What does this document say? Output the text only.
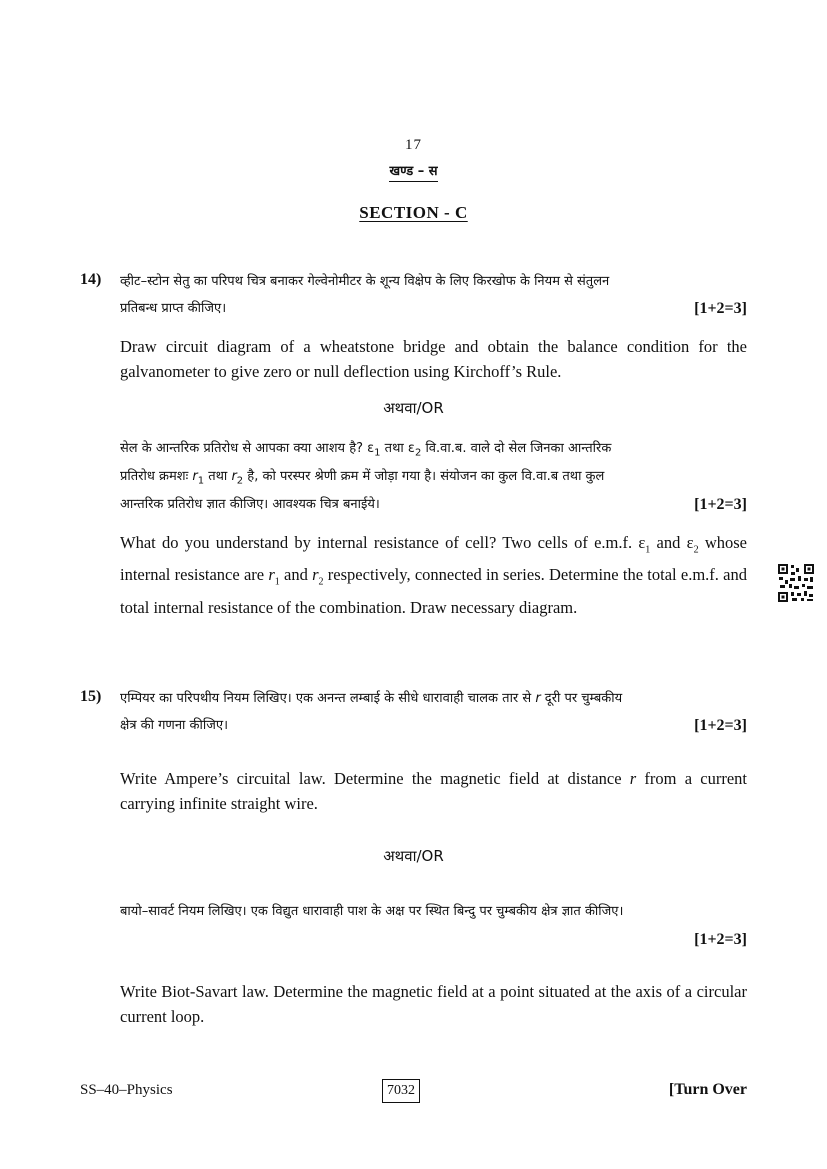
17
खण्ड – स
SECTION - C
14) व्हीट–स्टोन सेतु का परिपथ चित्र बनाकर गेल्वेनोमीटर के शून्य विक्षेप के लिए किरखोफ के नियम से संतुलन
प्रतिबन्ध प्राप्त कीजिए।	[1+2=3]
Draw circuit diagram of a wheatstone bridge and obtain the balance condition for the galvanometer to give zero or null deflection using Kirchoff’s Rule.
अथवा/OR
सेल के आन्तरिक प्रतिरोध से आपका क्या आशय है? $\varepsilon_1$ तथा $\varepsilon_2$ वि.वा.ब. वाले दो सेल जिनका आन्तरिक
प्रतिरोध क्रमशः $r_1$ तथा $r_2$ है, को परस्पर श्रेणी क्रम में जोड़ा गया है। संयोजन का कुल वि.वा.ब तथा कुल
आन्तरिक प्रतिरोध ज्ञात कीजिए। आवश्यक चित्र बनाईये।	[1+2=3]
What do you understand by internal resistance of cell? Two cells of e.m.f. $\varepsilon_1$ and $\varepsilon_2$ whose internal resistance are $r_1$ and $r_2$ respectively, connected in series. Determine the total e.m.f. and total internal resistance of the combination. Draw necessary diagram.
15) एम्पियर का परिपथीय नियम लिखिए। एक अनन्त लम्बाई के सीधे धारावाही चालक तार से r दूरी पर चुम्बकीय
क्षेत्र की गणना कीजिए।	[1+2=3]
Write Ampere’s circuital law. Determine the magnetic field at distance r from a current carrying infinite straight wire.
अथवा/OR
बायो–सावर्ट नियम लिखिए। एक विद्युत धारावाही पाश के अक्ष पर स्थित बिन्दु पर चुम्बकीय क्षेत्र ज्ञात कीजिए।
[1+2=3]
Write Biot-Savart law. Determine the magnetic field at a point situated at the axis of a circular current loop.
SS–40–Physics	7032	[Turn Over
